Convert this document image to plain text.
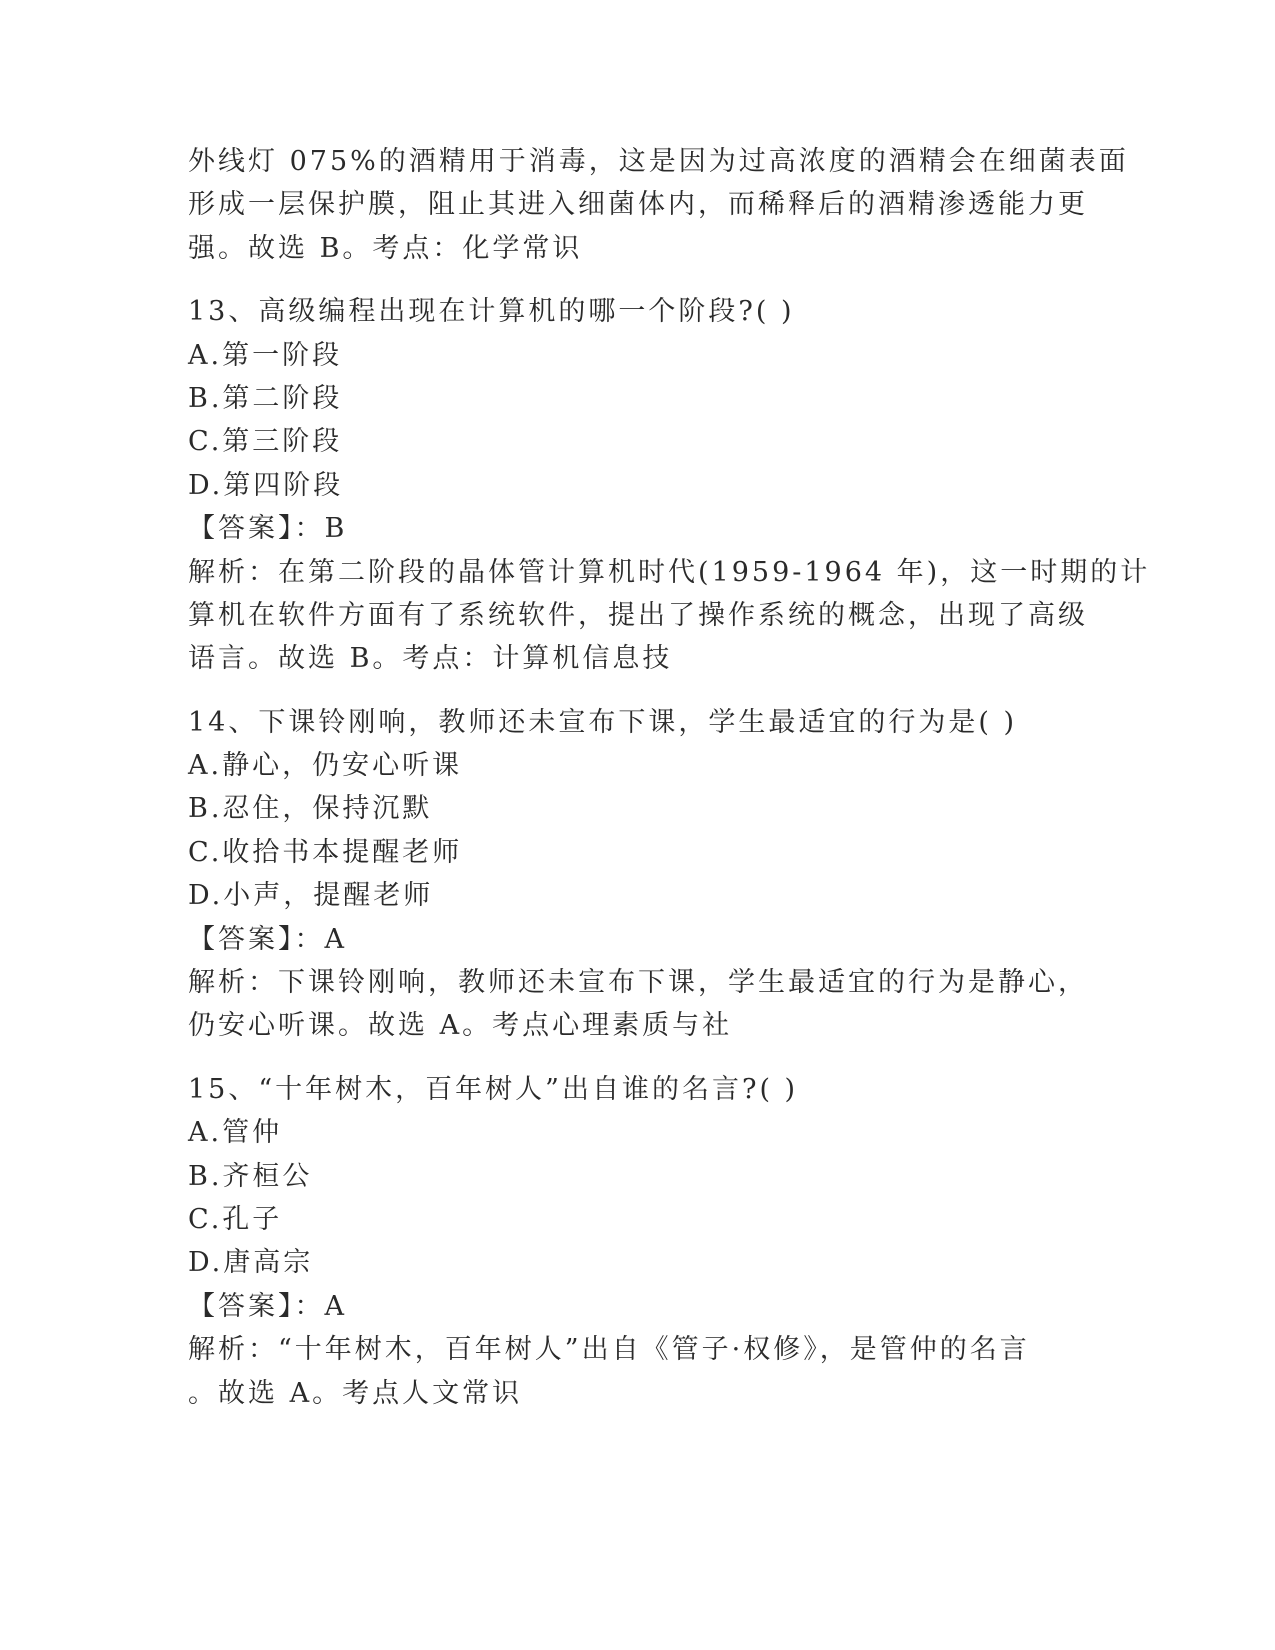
外线灯 075%的酒精用于消毒，这是因为过高浓度的酒精会在细菌表面

形成一层保护膜，阻止其进入细菌体内，而稀释后的酒精渗透能力更

强。故选 B。考点：化学常识

13、高级编程出现在计算机的哪一个阶段?( )

A.第一阶段

B.第二阶段

C.第三阶段

D.第四阶段

【答案】：B

解析：在第二阶段的晶体管计算机时代(1959-1964 年)，这一时期的计

算机在软件方面有了系统软件，提出了操作系统的概念，出现了高级

语言。故选 B。考点：计算机信息技

14、下课铃刚响，教师还未宣布下课，学生最适宜的行为是( )

A.静心，仍安心听课

B.忍住，保持沉默

C.收拾书本提醒老师

D.小声，提醒老师

【答案】：A

解析：下课铃刚响，教师还未宣布下课，学生最适宜的行为是静心，

仍安心听课。故选 A。考点心理素质与社

15、“十年树木，百年树人”出自谁的名言?( )

A.管仲

B.齐桓公

C.孔子

D.唐高宗

【答案】：A

解析：“十年树木，百年树人”出自《管子·权修》，是管仲的名言

。故选 A。考点人文常识
